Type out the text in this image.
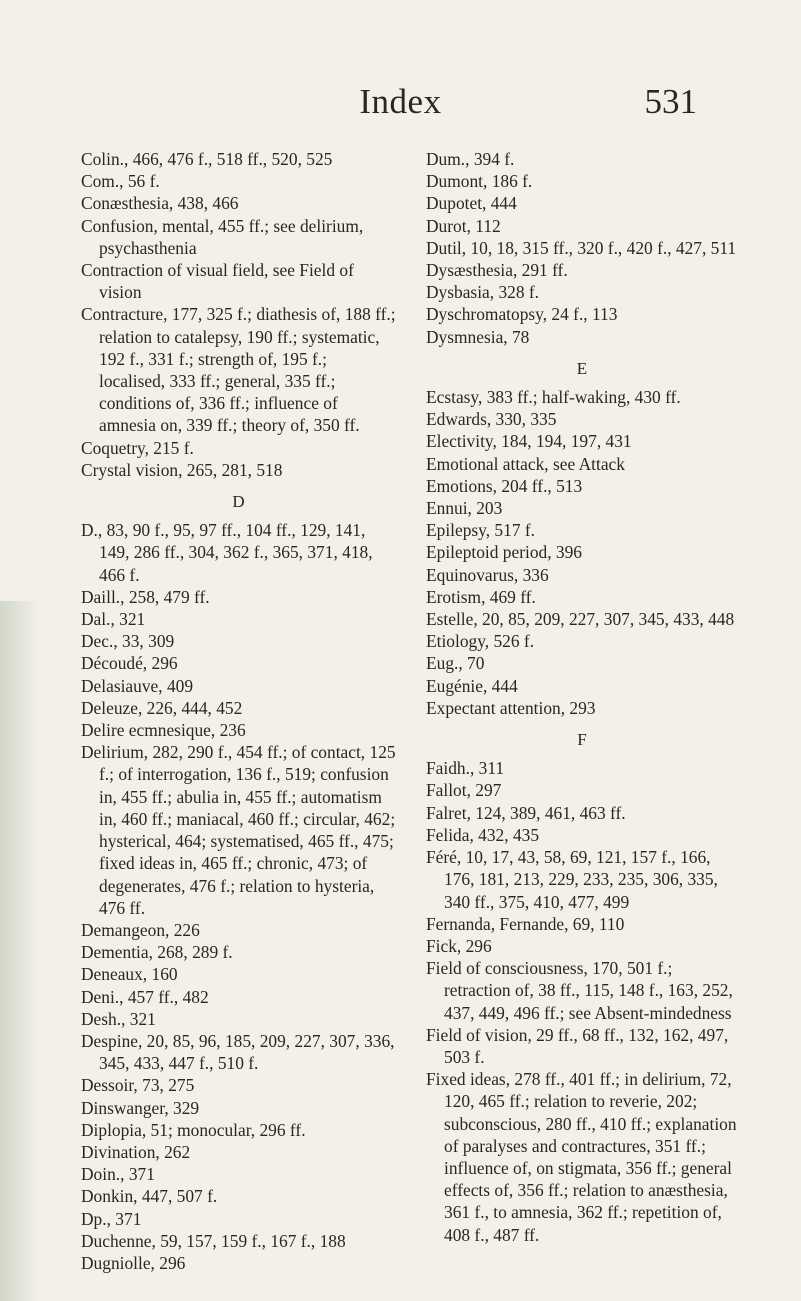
Index	531
Colin., 466, 476 f., 518 ff., 520, 525
Com., 56 f.
Conæsthesia, 438, 466
Confusion, mental, 455 ff.; see delirium, psychasthenia
Contraction of visual field, see Field of vision
Contracture, 177, 325 f.; diathesis of, 188 ff.; relation to catalepsy, 190 ff.; systematic, 192 f., 331 f.; strength of, 195 f.; localised, 333 ff.; general, 335 ff.; conditions of, 336 ff.; influence of amnesia on, 339 ff.; theory of, 350 ff.
Coquetry, 215 f.
Crystal vision, 265, 281, 518
D
D., 83, 90 f., 95, 97 ff., 104 ff., 129, 141, 149, 286 ff., 304, 362 f., 365, 371, 418, 466 f.
Daill., 258, 479 ff.
Dal., 321
Dec., 33, 309
Découdé, 296
Delasiauve, 409
Deleuze, 226, 444, 452
Delire ecmnesique, 236
Delirium, 282, 290 f., 454 ff.; of contact, 125 f.; of interrogation, 136 f., 519; confusion in, 455 ff.; abulia in, 455 ff.; automatism in, 460 ff.; maniacal, 460 ff.; circular, 462; hysterical, 464; systematised, 465 ff., 475; fixed ideas in, 465 ff.; chronic, 473; of degenerates, 476 f.; relation to hysteria, 476 ff.
Demangeon, 226
Dementia, 268, 289 f.
Deneaux, 160
Deni., 457 ff., 482
Desh., 321
Despine, 20, 85, 96, 185, 209, 227, 307, 336, 345, 433, 447 f., 510 f.
Dessoir, 73, 275
Dinswanger, 329
Diplopia, 51; monocular, 296 ff.
Divination, 262
Doin., 371
Donkin, 447, 507 f.
Dp., 371
Duchenne, 59, 157, 159 f., 167 f., 188
Dugniolle, 296
Dum., 394 f.
Dumont, 186 f.
Dupotet, 444
Durot, 112
Dutil, 10, 18, 315 ff., 320 f., 420 f., 427, 511
Dysæsthesia, 291 ff.
Dysbasia, 328 f.
Dyschromatopsy, 24 f., 113
Dysmnesia, 78
E
Ecstasy, 383 ff.; half-waking, 430 ff.
Edwards, 330, 335
Electivity, 184, 194, 197, 431
Emotional attack, see Attack
Emotions, 204 ff., 513
Ennui, 203
Epilepsy, 517 f.
Epileptoid period, 396
Equinovarus, 336
Erotism, 469 ff.
Estelle, 20, 85, 209, 227, 307, 345, 433, 448
Etiology, 526 f.
Eug., 70
Eugénie, 444
Expectant attention, 293
F
Faidh., 311
Fallot, 297
Falret, 124, 389, 461, 463 ff.
Felida, 432, 435
Féré, 10, 17, 43, 58, 69, 121, 157 f., 166, 176, 181, 213, 229, 233, 235, 306, 335, 340 ff., 375, 410, 477, 499
Fernanda, Fernande, 69, 110
Fick, 296
Field of consciousness, 170, 501 f.; retraction of, 38 ff., 115, 148 f., 163, 252, 437, 449, 496 ff.; see Absent-mindedness
Field of vision, 29 ff., 68 ff., 132, 162, 497, 503 f.
Fixed ideas, 278 ff., 401 ff.; in delirium, 72, 120, 465 ff.; relation to reverie, 202; subconscious, 280 ff., 410 ff.; explanation of paralyses and contractures, 351 ff.; influence of, on stigmata, 356 ff.; general effects of, 356 ff.; relation to anæsthesia, 361 f., to amnesia, 362 ff.; repetition of, 408 f., 487 ff.
